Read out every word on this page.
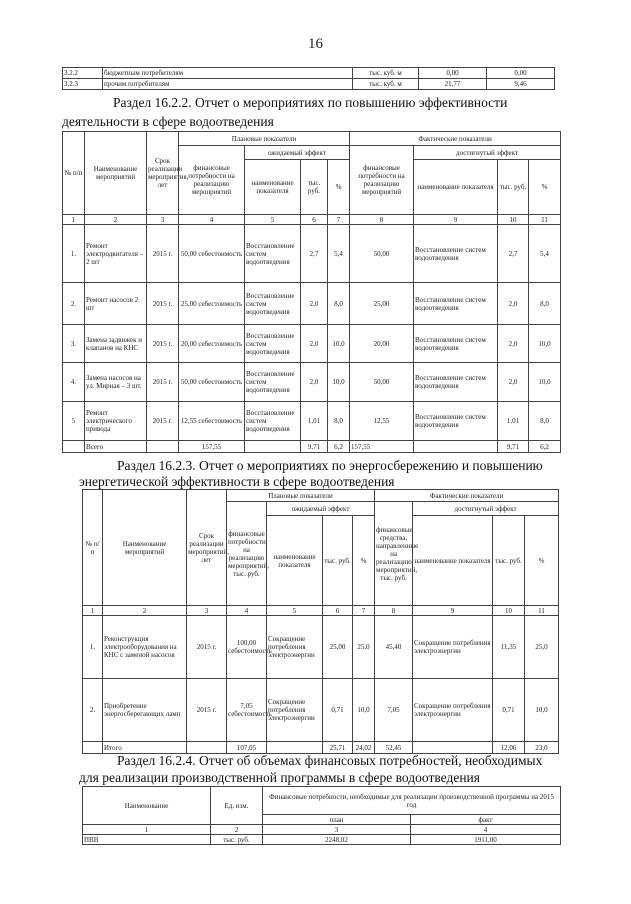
16
3.2.2	бюджетным потребителям	тыс. куб. м	0,00	0,00
3.2.3	прочим потребителям	тыс. куб. м	21,77	9,46
Раздел 16.2.2. Отчет о мероприятиях по повышению эффективности
деятельности в сфере водоотведения
№ п/п	Наименование мероприятий	Срок реализации мероприятия, лет	Плановые показатели				Фактические показатели			
			финансовые потребности на реализацию мероприятий	ожидаемый эффект			финансовые потребности на реализацию мероприятий	достигнутый эффект		
				наименование показателя	тыс. руб.	%		наименование показателя	тыс. руб.	%
1	2	3	4	5	6	7	8	9	10	11
1.	Ремонт электродвигателя – 2 шт	2015 г.	50,00 себестоимость	Восстановление систем водоотведения	2,7	5,4	50,00	Восстановление систем водоотведения	2,7	5,4
2.	Ремонт насосов 2 шт	2015 г.	25,00 себестоимость	Восстановление систем водоотведения	2,0	8,0	25,00	Восстановление систем водоотведения	2,0	8,0
3.	Замена задвижек и клапанов на КНС	2015 г.	20,00 себестоимость	Восстановление систем водоотведения	2,0	10,0	20,00	Восстановление систем водоотведения	2,0	10,0
4.	Замена насосов на ул. Мирная – 3 шт.	2015 г.	50,00 себестоимость	Восстановление систем водоотведения	2,0	10,0	50,00	Восстановление систем водоотведения	2,0	10,0
5	Ремонт электрического привода	2015 г.	12,55 себестоимость	Восстановление систем водоотведения	1,01	8,0	12,55	Восстановление систем водоотведения	1,01	8,0
	Всего		157,55		9,71	6,2	157,55		9,71	6,2
Раздел 16.2.3. Отчет о мероприятиях по энергосбережению и повышению
энергетической эффективности в сфере водоотведения
№ п/п	Наименование мероприятий	Срок реализации мероприятий, лет	Плановые показатели				Фактические показатели			
			финансовые потребности на реализацию мероприятий, тыс. руб.	ожидаемый эффект			финансовые средства, направленные на реализацию мероприятий, тыс. руб.	достигнутый эффект		
				наименование показателя	тыс. руб.	%		наименование показателя	тыс. руб.	%
1	2	3	4	5	6	7	8	9	10	11
1.	Реконструкция электрооборудования на КНС с заменой насосов	2015 г.	100,00 себестоимость	Сокращение потребления электроэнергии	25,00	25,0	45,40	Сокращение потребления электроэнергии	11,35	25,0
2.	Приобретение энергосберегающих ламп	2015 г.	7,05 себестоимость	Сокращение потребления электроэнергии	0,71	10,0	7,05	Сокращение потребления электроэнергии	0,71	10,0
	Итого		107,05		25,71	24,02	52,45		12,06	23,0
Раздел 16.2.4. Отчет об объемах финансовых потребностей, необходимых
для реализации производственной программы в сфере водоотведения
Наименование	Ед. изм.	Финансовые потребности, необходимые для реализации производственной программы на 2015 год	
		план	факт
1	2	3	4
ПВВ	тыс. руб.	2248,02	1911,00
